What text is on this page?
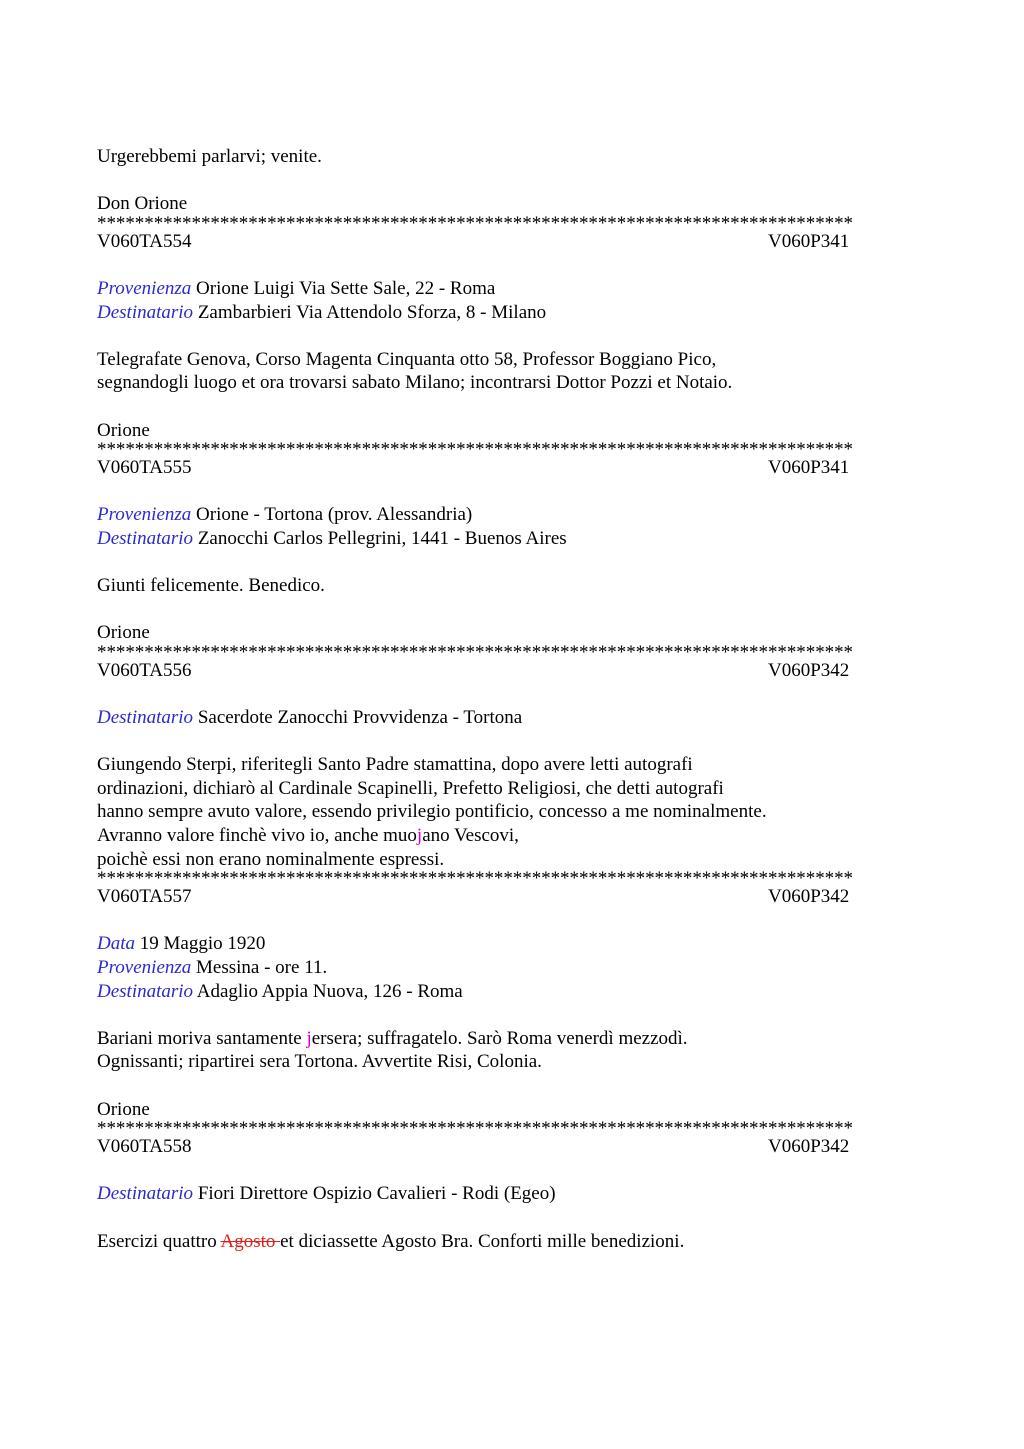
Urgerebbemi parlarvi; venite.
Don Orione
********************************************************************************
V060TA554	V060P341
Provenienza Orione Luigi Via Sette Sale, 22 - Roma
Destinatario Zambarbieri Via Attendolo Sforza, 8 - Milano
Telegrafate Genova, Corso Magenta Cinquanta otto 58, Professor Boggiano Pico,
segnandogli luogo et ora trovarsi sabato Milano; incontrarsi Dottor Pozzi et Notaio.
Orione
********************************************************************************
V060TA555	V060P341
Provenienza Orione - Tortona (prov. Alessandria)
Destinatario Zanocchi Carlos Pellegrini, 1441 - Buenos Aires
Giunti felicemente. Benedico.
Orione
********************************************************************************
V060TA556	V060P342
Destinatario Sacerdote Zanocchi Provvidenza - Tortona
Giungendo Sterpi, riferitegli Santo Padre stamattina, dopo avere letti autografi
ordinazioni, dichiarò al Cardinale Scapinelli, Prefetto Religiosi, che detti autografi
hanno sempre avuto valore, essendo privilegio pontificio, concesso a me nominalmente.
Avranno valore finchè vivo io, anche muojano Vescovi,
poichè essi non erano nominalmente espressi.
********************************************************************************
V060TA557	V060P342
Data 19 Maggio 1920
Provenienza Messina - ore 11.
Destinatario Adaglio Appia Nuova, 126 - Roma
Bariani moriva santamente jersera; suffragatelo. Sarò Roma venerdì mezzodì.
Ognissanti; ripartirei sera Tortona. Avvertite Risi, Colonia.
Orione
********************************************************************************
V060TA558	V060P342
Destinatario Fiori Direttore Ospizio Cavalieri - Rodi (Egeo)
Esercizi quattro Agosto et diciassette Agosto Bra. Conforti mille benedizioni.
